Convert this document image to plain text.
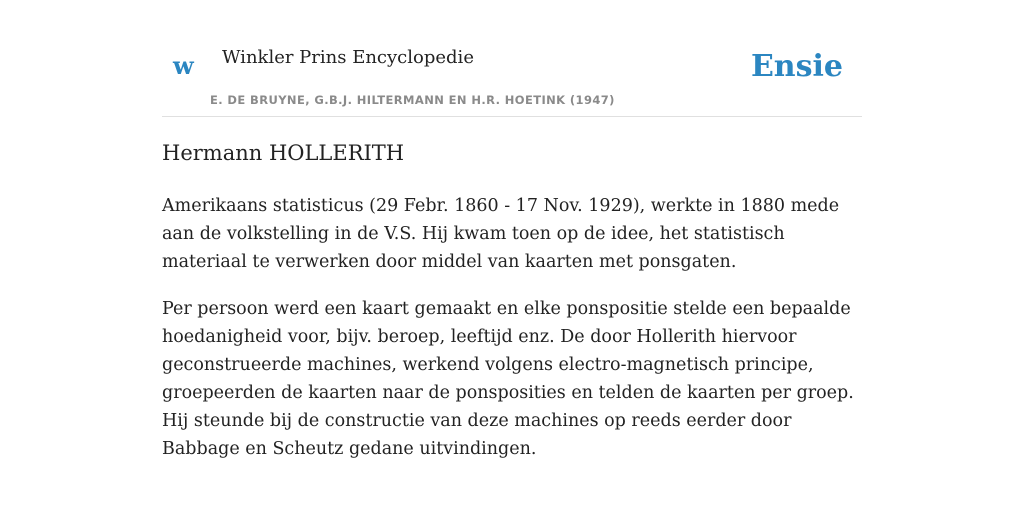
w Winkler Prins Encyclopedie
E. DE BRUYNE, G.B.J. HILTERMANN EN H.R. HOETINK (1947)
Ensie
Hermann HOLLERITH

Amerikaans statisticus (29 Febr. 1860 - 17 Nov. 1929), werkte in 1880 mede aan de volkstelling in de V.S. Hij kwam toen op de idee, het statistisch materiaal te verwerken door middel van kaarten met ponsgaten.

Per persoon werd een kaart gemaakt en elke ponspositie stelde een bepaalde hoedanigheid voor, bijv. beroep, leeftijd enz. De door Hollerith hiervoor geconstrueerde machines, werkend volgens electro-magnetisch principe, groepeerden de kaarten naar de ponsposities en telden de kaarten per groep. Hij steunde bij de constructie van deze machines op reeds eerder door Babbage en Scheutz gedane uitvindingen.
